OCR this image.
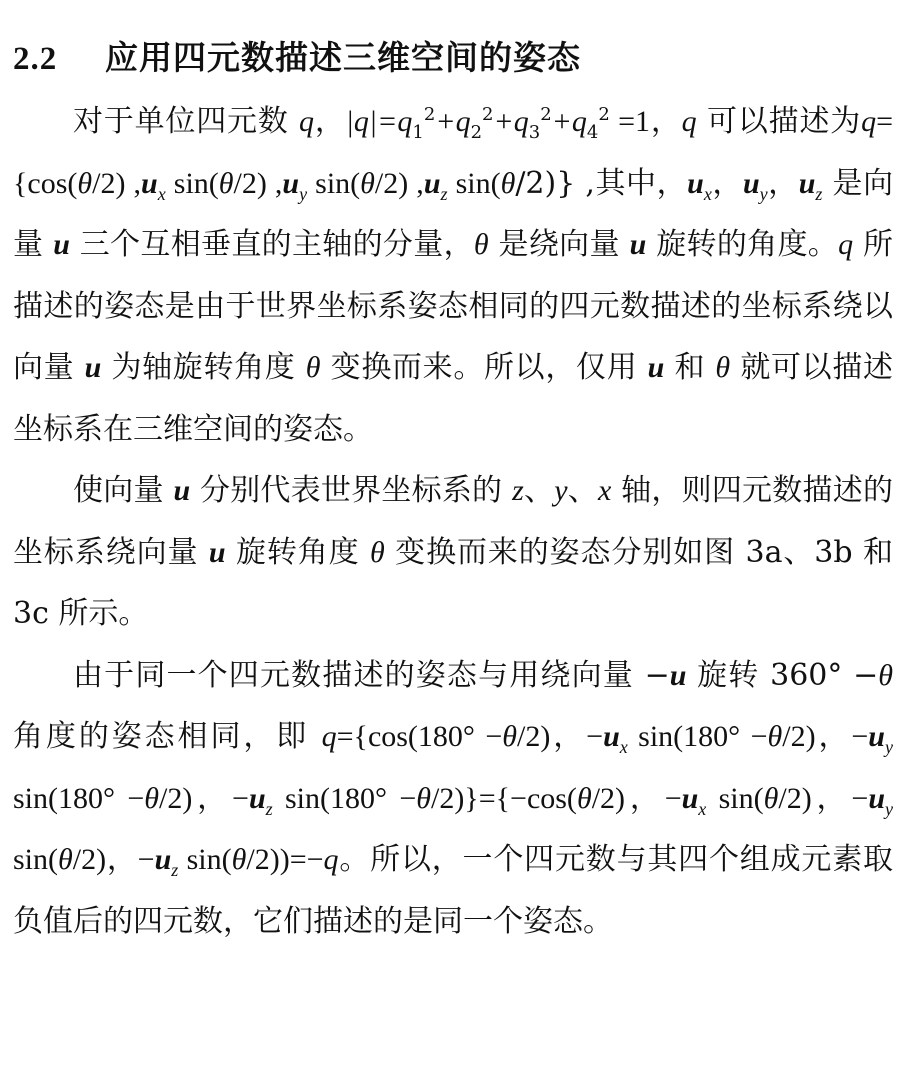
2.2 应用四元数描述三维空间的姿态

对于单位四元数 q，$|q|=q_1^2+q_2^2+q_3^2+q_4^2 =1$，q 可以描述为q={cos(θ/2) $,u_x$ sin(θ/2) $,u_y$ sin(θ/2) $,u_z$ sin(θ/2)} ,其中，$u_x$，$u_y$，$u_z$ 是向量 u 三个互相垂直的主轴的分量，θ 是绕向量 u 旋转的角度。q 所描述的姿态是由于世界坐标系姿态相同的四元数描述的坐标系绕以向量 u 为轴旋转角度 θ 变换而来。所以，仅用 u 和 θ 就可以描述坐标系在三维空间的姿态。

使向量 u 分别代表世界坐标系的 z、y、x 轴，则四元数描述的坐标系绕向量 u 旋转角度 θ 变换而来的姿态分别如图 3a、3b 和 3c 所示。

由于同一个四元数描述的姿态与用绕向量 −u 旋转 360° −θ 角度的姿态相同，即 q={cos(180° −θ/2)，$-u_x$ sin(180° −θ/2)，$-u_y$ sin(180° −θ/2)，$-u_z$ sin(180° −θ/2)}={−cos(θ/2)，$-u_x$ sin(θ/2)，$-u_y$ sin(θ/2)，$-u_z$ sin(θ/2))=−q。所以，一个四元数与其四个组成元素取负值后的四元数，它们描述的是同一个姿态。
